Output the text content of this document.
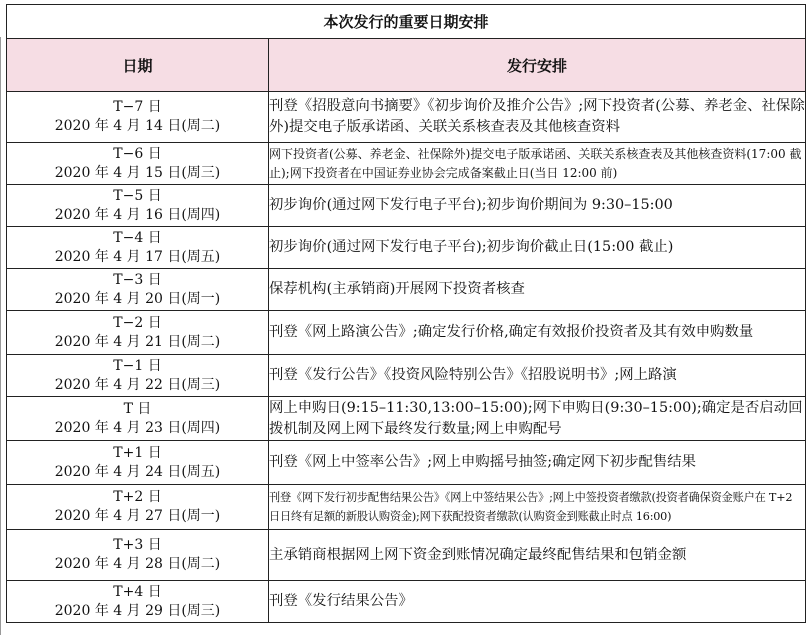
本次发行的重要日期安排	
日期	发行安排

T−7 日
2020 年 4 月 14 日(周二)	刊登《招股意向书摘要》《初步询价及推介公告》;网下投资者(公募、养老金、社保除外)提交电子版承诺函、关联关系核查表及其他核查资料

T−6 日
2020 年 4 月 15 日(周三)	网下投资者(公募、养老金、社保除外)提交电子版承诺函、关联关系核查表及其他核查资料(17:00 截止);网下投资者在中国证券业协会完成备案截止日(当日 12:00 前)

T−5 日
2020 年 4 月 16 日(周四)	初步询价(通过网下发行电子平台);初步询价期间为 9:30–15:00

T−4 日
2020 年 4 月 17 日(周五)	初步询价(通过网下发行电子平台);初步询价截止日(15:00 截止)

T−3 日
2020 年 4 月 20 日(周一)	保荐机构(主承销商)开展网下投资者核查

T−2 日
2020 年 4 月 21 日(周二)	刊登《网上路演公告》;确定发行价格,确定有效报价投资者及其有效申购数量

T−1 日
2020 年 4 月 22 日(周三)	刊登《发行公告》《投资风险特别公告》《招股说明书》;网上路演

T 日
2020 年 4 月 23 日(周四)	网上申购日(9:15–11:30,13:00–15:00);网下申购日(9:30–15:00);确定是否启动回拨机制及网上网下最终发行数量;网上申购配号

T+1 日
2020 年 4 月 24 日(周五)	刊登《网上中签率公告》;网上申购摇号抽签;确定网下初步配售结果

T+2 日
2020 年 4 月 27 日(周一)	刊登《网下发行初步配售结果公告》《网上中签结果公告》;网上中签投资者缴款(投资者确保资金账户在 T+2 日日终有足额的新股认购资金);网下获配投资者缴款(认购资金到账截止时点 16:00)

T+3 日
2020 年 4 月 28 日(周二)	主承销商根据网上网下资金到账情况确定最终配售结果和包销金额

T+4 日
2020 年 4 月 29 日(周三)	刊登《发行结果公告》
